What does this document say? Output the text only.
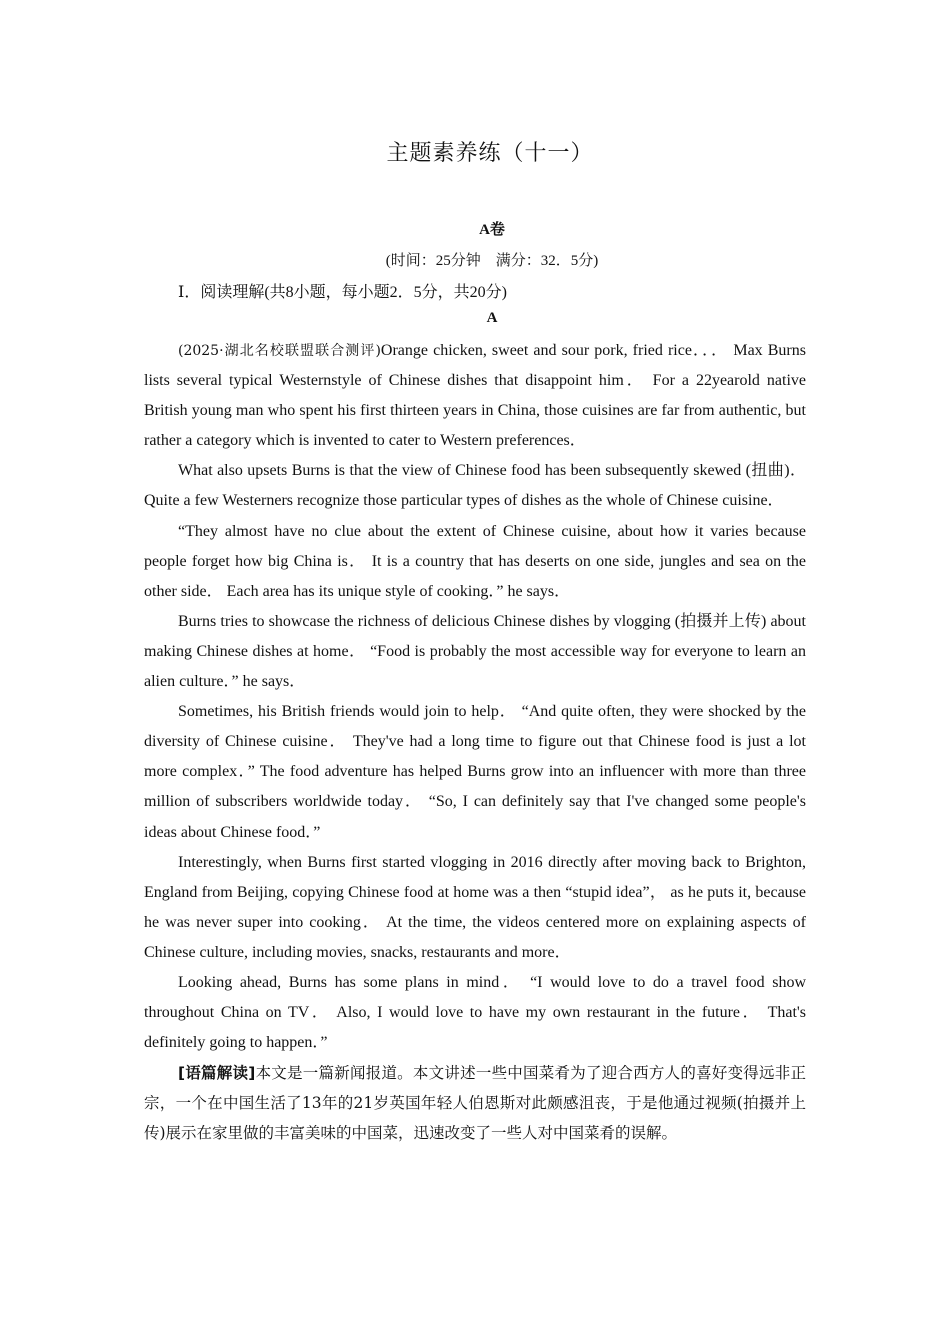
主题素养练（十一）
A卷
(时间：25分钟　满分：32．5分)
Ⅰ．阅读理解(共8小题，每小题2．5分，共20分)
A

(2025·湖北名校联盟联合测评)Orange chicken, sweet and sour pork, fried rice．．． Max Burns lists several typical Westernstyle of Chinese dishes that disappoint him． For a 22yearold native British young man who spent his first thirteen years in China, those cuisines are far from authentic, but rather a category which is invented to cater to Western preferences．

What also upsets Burns is that the view of Chinese food has been subsequently skewed (扭曲)． Quite a few Westerners recognize those particular types of dishes as the whole of Chinese cuisine．

“They almost have no clue about the extent of Chinese cuisine, about how it varies because people forget how big China is． It is a country that has deserts on one side, jungles and sea on the other side． Each area has its unique style of cooking．” he says．

Burns tries to showcase the richness of delicious Chinese dishes by vlogging (拍摄并上传) about making Chinese dishes at home． “Food is probably the most accessible way for everyone to learn an alien culture．” he says．

Sometimes, his British friends would join to help． “And quite often, they were shocked by the diversity of Chinese cuisine． They've had a long time to figure out that Chinese food is just a lot more complex．” The food adventure has helped Burns grow into an influencer with more than three million of subscribers worldwide today． “So, I can definitely say that I've changed some people's ideas about Chinese food．”

Interestingly, when Burns first started vlogging in 2016 directly after moving back to Brighton, England from Beijing, copying Chinese food at home was a then “stupid idea”， as he puts it, because he was never super into cooking． At the time, the videos centered more on explaining aspects of Chinese culture, including movies, snacks, restaurants and more．

Looking ahead, Burns has some plans in mind． “I would love to do a travel food show throughout China on TV． Also, I would love to have my own restaurant in the future． That's definitely going to happen．”

[语篇解读]本文是一篇新闻报道。本文讲述一些中国菜肴为了迎合西方人的喜好变得远非正宗，一个在中国生活了13年的21岁英国年轻人伯恩斯对此颇感沮丧，于是他通过视频(拍摄并上传)展示在家里做的丰富美味的中国菜，迅速改变了一些人对中国菜肴的误解。
